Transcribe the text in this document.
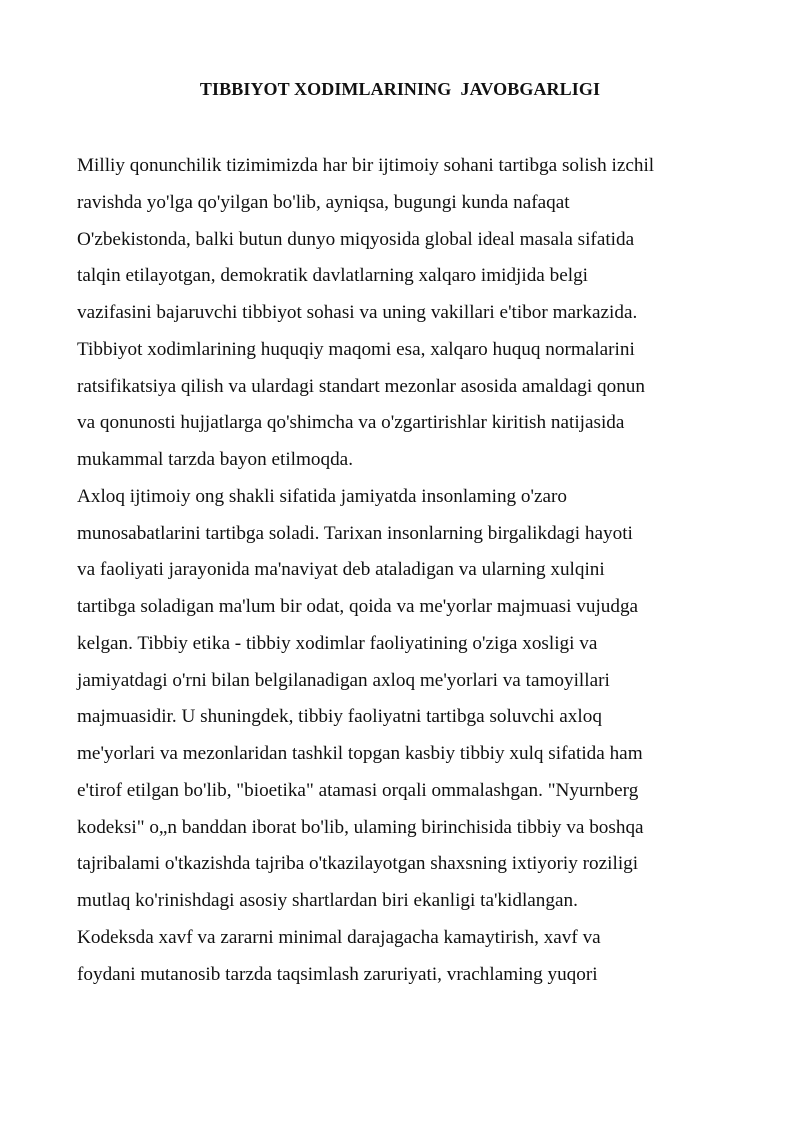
TIBBIYOT XODIMLARINING  JAVOBGARLIGI
Milliy qonunchilik tizimimizda har bir ijtimoiy sohani tartibga solish izchil
ravishda yo'lga qo'yilgan bo'lib, ayniqsa, bugungi kunda nafaqat
O'zbekistonda, balki butun dunyo miqyosida global ideal masala sifatida
talqin etilayotgan, demokratik davlatlarning xalqaro imidjida belgi
vazifasini bajaruvchi tibbiyot sohasi va uning vakillari e'tibor markazida.
Tibbiyot xodimlarining huquqiy maqomi esa, xalqaro huquq normalarini
ratsifikatsiya qilish va ulardagi standart mezonlar asosida amaldagi qonun
va qonunosti hujjatlarga qo'shimcha va o'zgartirishlar kiritish natijasida
mukammal tarzda bayon etilmoqda.
Axloq ijtimoiy ong shakli sifatida jamiyatda insonlaming o'zaro
munosabatlarini tartibga soladi. Tarixan insonlarning birgalikdagi hayoti
va faoliyati jarayonida ma'naviyat deb ataladigan va ularning xulqini
tartibga soladigan ma'lum bir odat, qoida va me'yorlar majmuasi vujudga
kelgan. Tibbiy etika - tibbiy xodimlar faoliyatining o'ziga xosligi va
jamiyatdagi o'rni bilan belgilanadigan axloq me'yorlari va tamoyillari
majmuasidir. U shuningdek, tibbiy faoliyatni tartibga soluvchi axloq
me'yorlari va mezonlaridan tashkil topgan kasbiy tibbiy xulq sifatida ham
e'tirof etilgan bo'lib, "bioetika" atamasi orqali ommalashgan. "Nyurnberg
kodeksi" o„n banddan iborat bo'lib, ulaming birinchisida tibbiy va boshqa
tajribalami o'tkazishda tajriba o'tkazilayotgan shaxsning ixtiyoriy roziligi
mutlaq ko'rinishdagi asosiy shartlardan biri ekanligi ta'kidlangan.
Kodeksda xavf va zararni minimal darajagacha kamaytirish, xavf va
foydani mutanosib tarzda taqsimlash zaruriyati, vrachlaming yuqori
